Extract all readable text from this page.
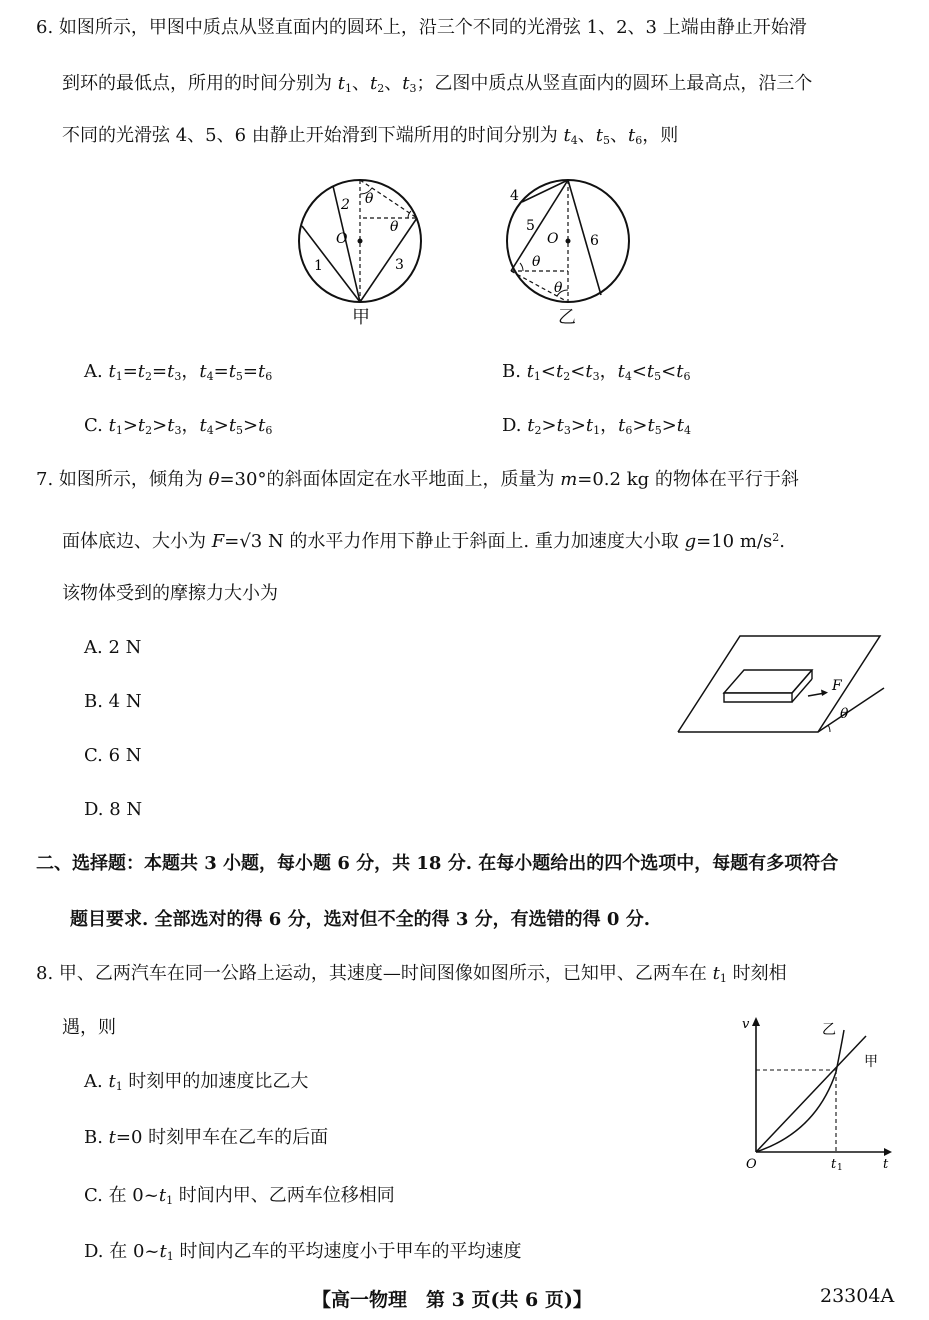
6. 如图所示，甲图中质点从竖直面内的圆环上，沿三个不同的光滑弦 1、2、3 上端由静止开始滑
到环的最低点，所用的时间分别为 $t_1$、$t_2$、$t_3$；乙图中质点从竖直面内的圆环上最高点，沿三个
不同的光滑弦 4、5、6 由静止开始滑到下端所用的时间分别为 $t_4$、$t_5$、$t_6$，则
2 θ
θ
O
1	3
甲
4
5
O 6
θ
θ
乙
A. $t_1=t_2=t_3$，$t_4=t_5=t_6$	B. $t_1<t_2<t_3$，$t_4<t_5<t_6$
C. $t_1>t_2>t_3$，$t_4>t_5>t_6$	D. $t_2>t_3>t_1$，$t_6>t_5>t_4$
7. 如图所示，倾角为 θ=30°的斜面体固定在水平地面上，质量为 m=0.2 kg 的物体在平行于斜
面体底边、大小为 F=√3 N 的水平力作用下静止于斜面上. 重力加速度大小取 g=10 $m/s^2$.
该物体受到的摩擦力大小为
A. 2 N
B. 4 N
C. 6 N
D. 8 N
F
θ
二、选择题：本题共 3 小题，每小题 6 分，共 18 分. 在每小题给出的四个选项中，每题有多项符合
题目要求. 全部选对的得 6 分，选对但不全的得 3 分，有选错的得 0 分.
8. 甲、乙两汽车在同一公路上运动，其速度—时间图像如图所示，已知甲、乙两车在 $t_1$ 时刻相
遇，则
A. $t_1$ 时刻甲的加速度比乙大
B. t=0 时刻甲车在乙车的后面
C. 在 $0\sim t_1$ 时间内甲、乙两车位移相同
D. 在 $0\sim t_1$ 时间内乙车的平均速度小于甲车的平均速度
v	乙
甲
O	t 1	t
【高一物理　第 3 页(共 6 页)】	23304A
